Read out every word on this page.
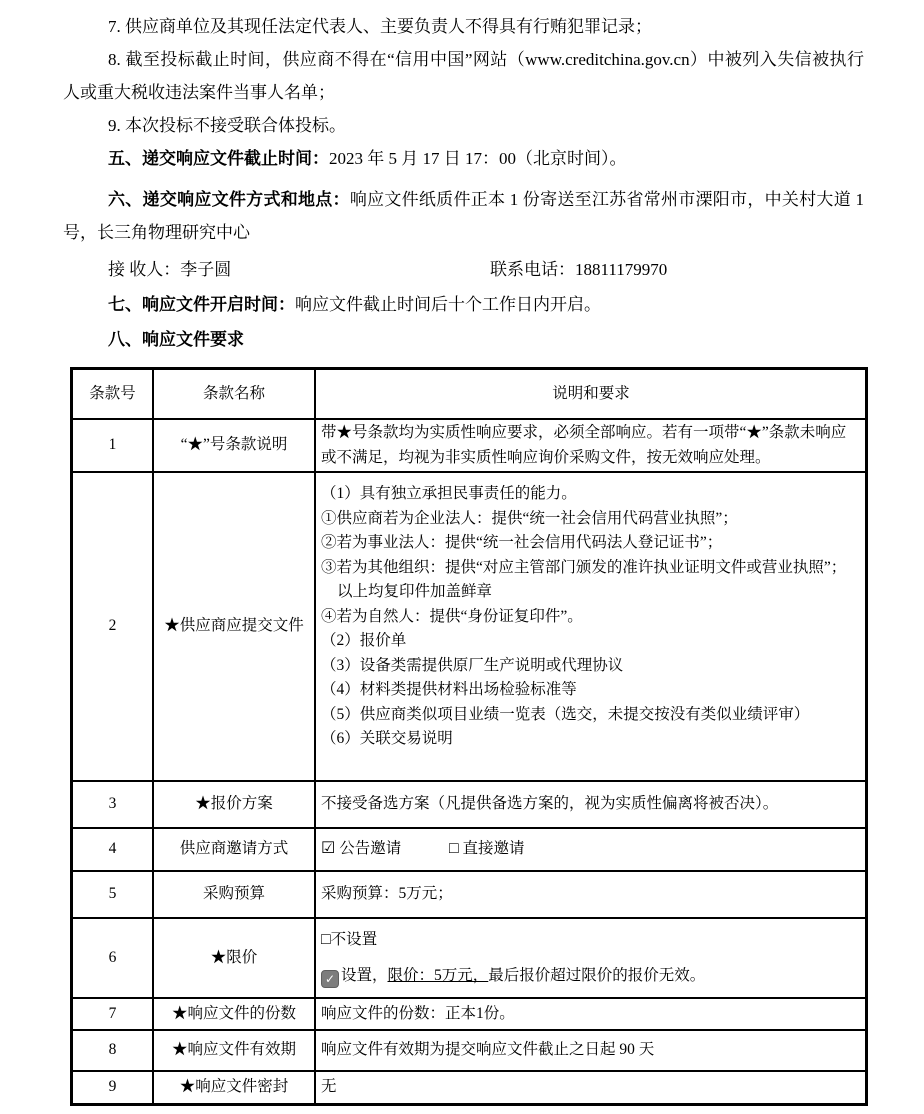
7. 供应商单位及其现任法定代表人、主要负责人不得具有行贿犯罪记录；

8. 截至投标截止时间，供应商不得在“信用中国”网站（www.creditchina.gov.cn）中被列入失信被执行人或重大税收违法案件当事人名单；

9. 本次投标不接受联合体投标。

五、递交响应文件截止时间：2023 年 5 月 17 日 17：00（北京时间）。

六、递交响应文件方式和地点：响应文件纸质件正本 1 份寄送至江苏省常州市溧阳市，中关村大道 1 号，长三角物理研究中心

接 收人：李子圆	联系电话：18811179970

七、响应文件开启时间：响应文件截止时间后十个工作日内开启。

八、响应文件要求

条款号	条款名称	说明和要求
1	“★”号条款说明	带★号条款均为实质性响应要求，必须全部响应。若有一项带“★”条款未响应或不满足，均视为非实质性响应询价采购文件，按无效响应处理。
2	★供应商应提交文件	
（1）具有独立承担民事责任的能力。
①供应商若为企业法人：提供“统一社会信用代码营业执照”；
②若为事业法人：提供“统一社会信用代码法人登记证书”；
③若为其他组织：提供“对应主管部门颁发的准许执业证明文件或营业执照”；
以上均复印件加盖鲜章
④若为自然人：提供“身份证复印件”。
（2）报价单
（3）设备类需提供原厂生产说明或代理协议
（4）材料类提供材料出场检验标准等
（5）供应商类似项目业绩一览表（选交，未提交按没有类似业绩评审）
（6）关联交易说明

3	★报价方案	不接受备选方案（凡提供备选方案的，视为实质性偏离将被否决）。
4	供应商邀请方式	☑ 公告邀请 □ 直接邀请
5	采购预算	采购预算：5万元；
6	★限价	□不设置
✓ 设置，限价：5万元，最后报价超过限价的报价无效。

7	★响应文件的份数	响应文件的份数：正本1份。
8	★响应文件有效期	响应文件有效期为提交响应文件截止之日起 90 天
9	★响应文件密封	无
